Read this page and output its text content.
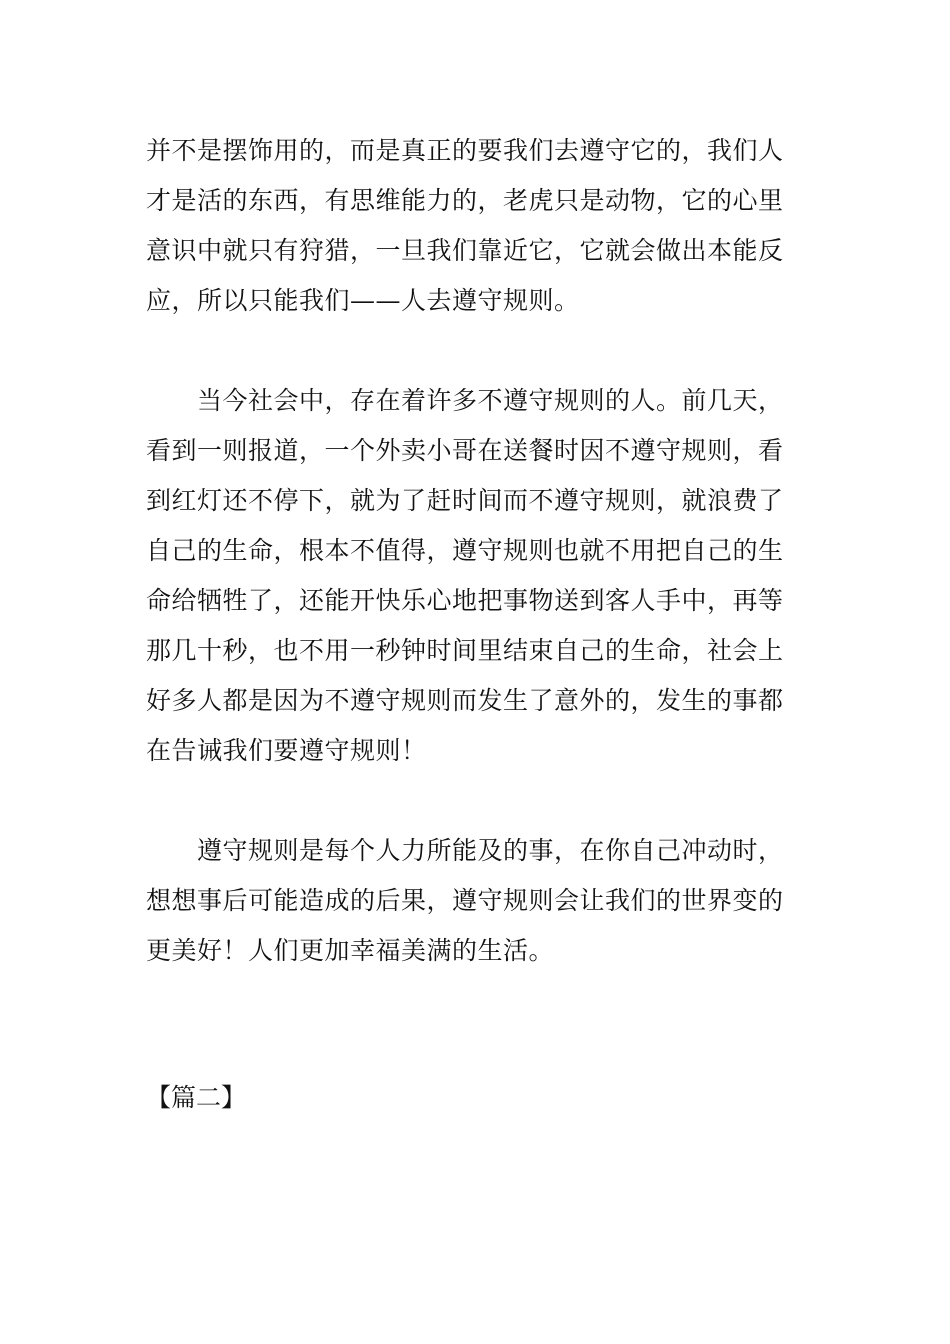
并不是摆饰用的，而是真正的要我们去遵守它的，我们人

才是活的东西，有思维能力的，老虎只是动物，它的心里

意识中就只有狩猎，一旦我们靠近它，它就会做出本能反

应，所以只能我们——人去遵守规则。

当今社会中，存在着许多不遵守规则的人。前几天，

看到一则报道，一个外卖小哥在送餐时因不遵守规则，看

到红灯还不停下，就为了赶时间而不遵守规则，就浪费了

自己的生命，根本不值得，遵守规则也就不用把自己的生

命给牺牲了，还能开快乐心地把事物送到客人手中，再等

那几十秒，也不用一秒钟时间里结束自己的生命，社会上

好多人都是因为不遵守规则而发生了意外的，发生的事都

在告诫我们要遵守规则！

遵守规则是每个人力所能及的事，在你自己冲动时，

想想事后可能造成的后果，遵守规则会让我们的世界变的

更美好！人们更加幸福美满的生活。

【篇二】
